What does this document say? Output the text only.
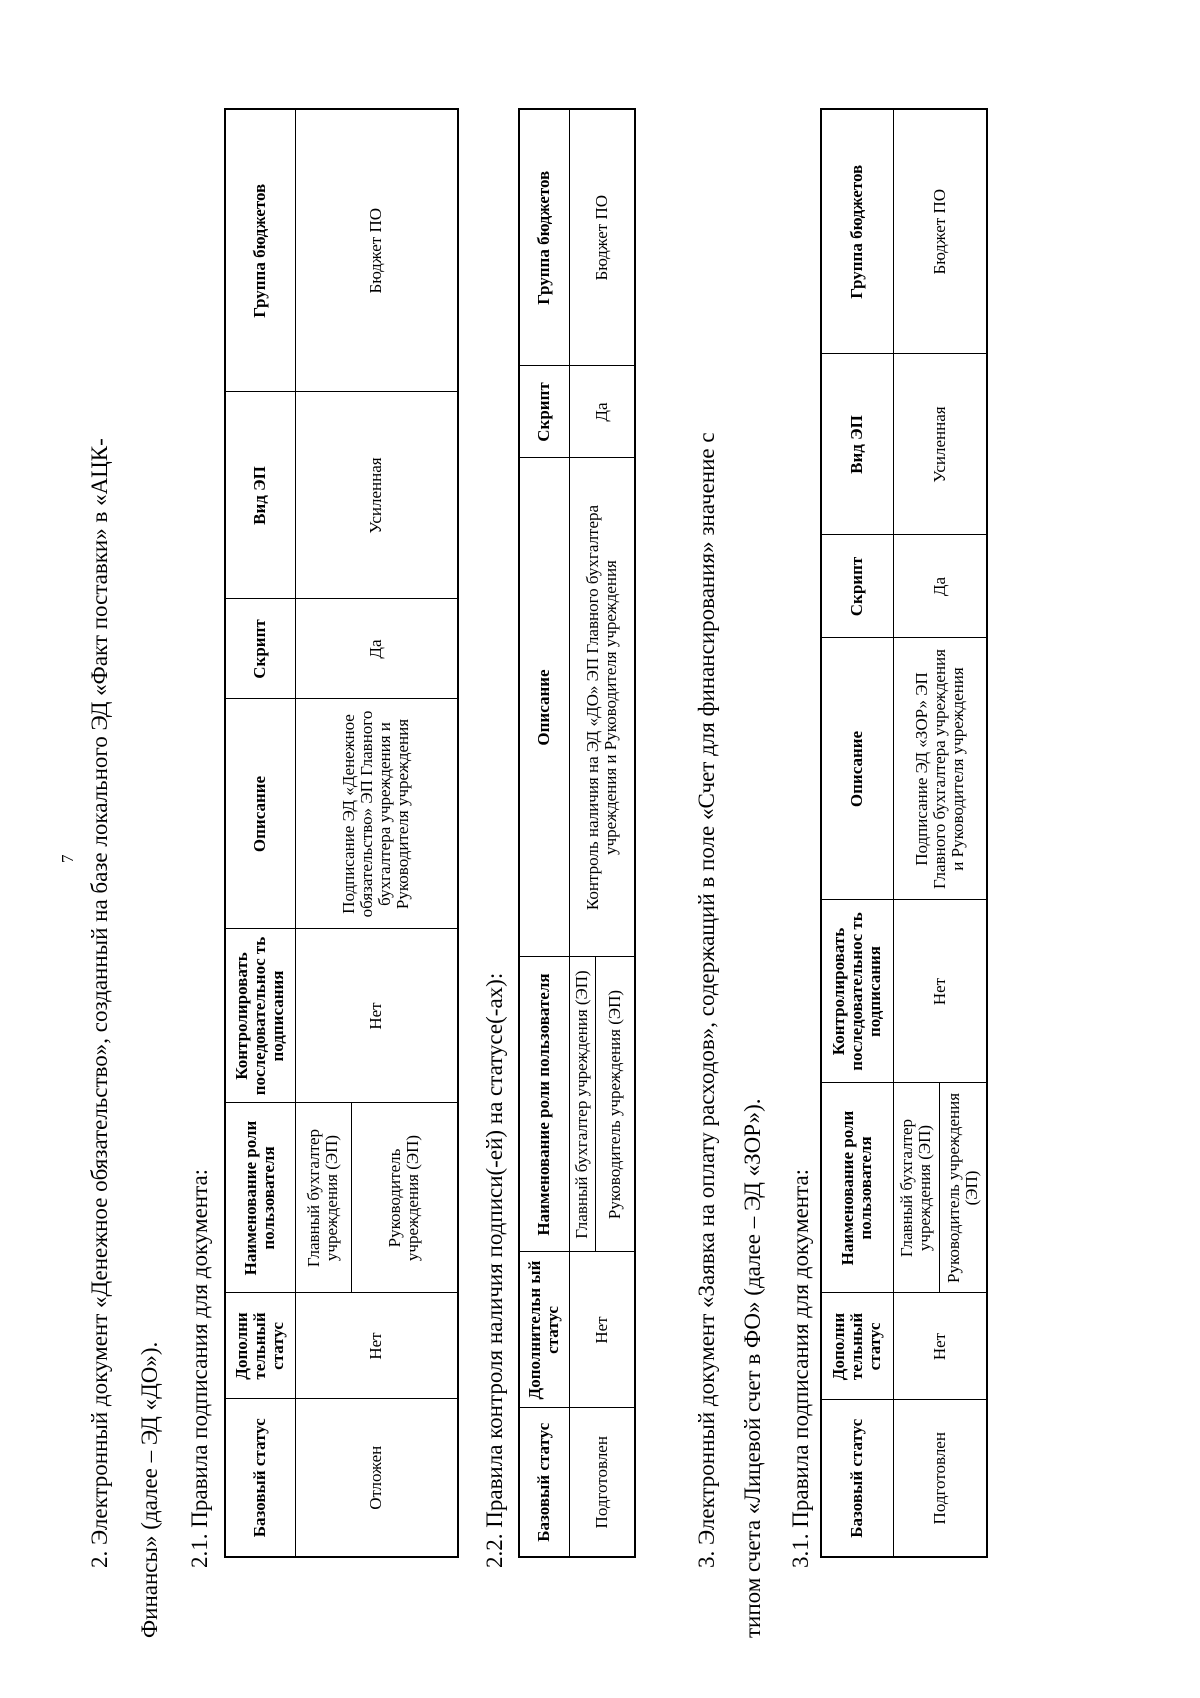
7 2. Электронный документ «Денежное обязательство», созданный на базе локального ЭД «Факт поставки» в «АЦК- Финансы» (далее – ЭД «ДО»). 2.1. Правила подписания для документа: Базовый статус	Дополни тельный статус	Наименование роли пользователя	Контролировать последовательнос ть подписания	Описание	Скрипт	Вид ЭП	Группа бюджетов
Отложен	Нет	Главный бухгалтер учреждения (ЭП)	Нет	Подписание ЭД «Денежное обязательство» ЭП Главного бухгалтера учреждения и Руководителя учреждения	Да	Усиленная	Бюджет ПО
		Руководитель учреждения (ЭП)						2.2. Правила контроля наличия подписи(-ей) на статусе(-ах): Базовый статус	Дополнительн ый статус	Наименование роли пользователя	Описание	Скрипт	Группа бюджетов
Подготовлен	Нет	Главный бухгалтер учреждения (ЭП)	Контроль наличия на ЭД «ДО» ЭП Главного бухгалтера учреждения и Руководителя учреждения	Да	Бюджет ПО
		Руководитель учреждения (ЭП)				3. Электронный документ «Заявка на оплату расходов», содержащий в поле «Счет для финансирования» значение с типом счета «Лицевой счет в ФО» (далее – ЭД «ЗОР»). 3.1. Правила подписания для документа: Базовый статус	Дополни тельный статус	Наименование роли пользователя	Контролировать последовательнос ть подписания	Описание	Скрипт	Вид ЭП	Группа бюджетов
Подготовлен	Нет	Главный бухгалтер учреждения (ЭП)	Нет	Подписание ЭД «ЗОР» ЭП Главного бухгалтера учреждения и Руководителя учреждения	Да	Усиленная	Бюджет ПО
		Руководитель учреждения (ЭП)					
